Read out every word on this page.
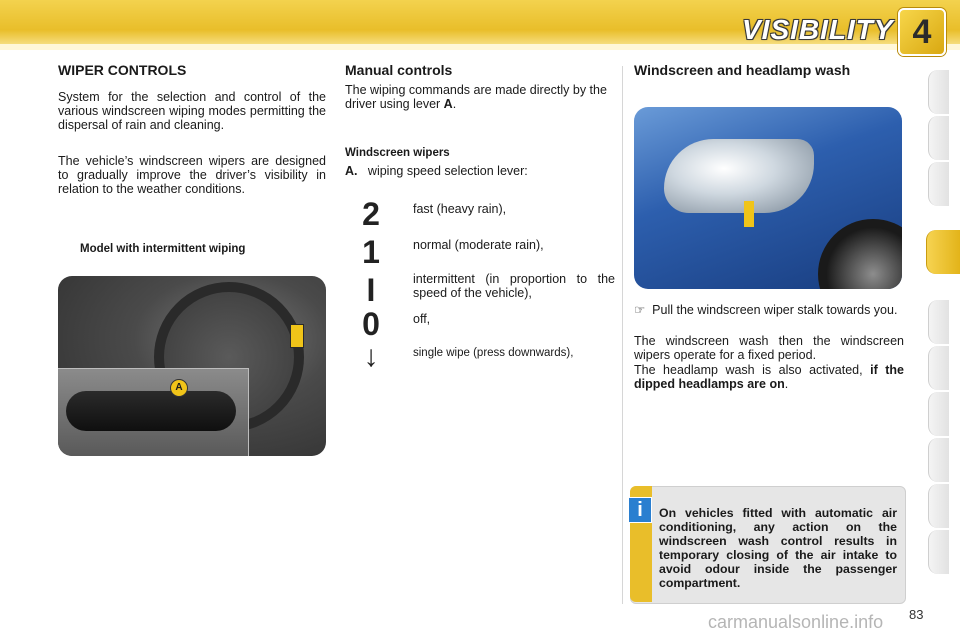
VISIBILITY 4
WIPER CONTROLS

System for the selection and control of the various windscreen wiping modes permitting the dispersal of rain and cleaning.

The vehicle’s windscreen wipers are designed to gradually improve the driver’s visibility in relation to the weather conditions.

Model with intermittent wiping

A
Manual controls

The wiping commands are made directly by the driver using lever A.

Windscreen wipers

A. wiping speed selection lever:

2	fast (heavy rain),

1	normal (moderate rain),

I	intermittent (in proportion to the speed of the vehicle),

0	off,

↓	single wipe (press downwards),

Windscreen and headlamp wash

☞ Pull the windscreen wiper stalk towards you.

The windscreen wash then the windscreen wipers operate for a fixed period.

The headlamp wash is also activated, if the dipped headlamps are on.

i	On vehicles fitted with automatic air conditioning, any action on the windscreen wash control results in temporary closing of the air intake to avoid odour inside the passenger compartment.

carmanualsonline.info 83
